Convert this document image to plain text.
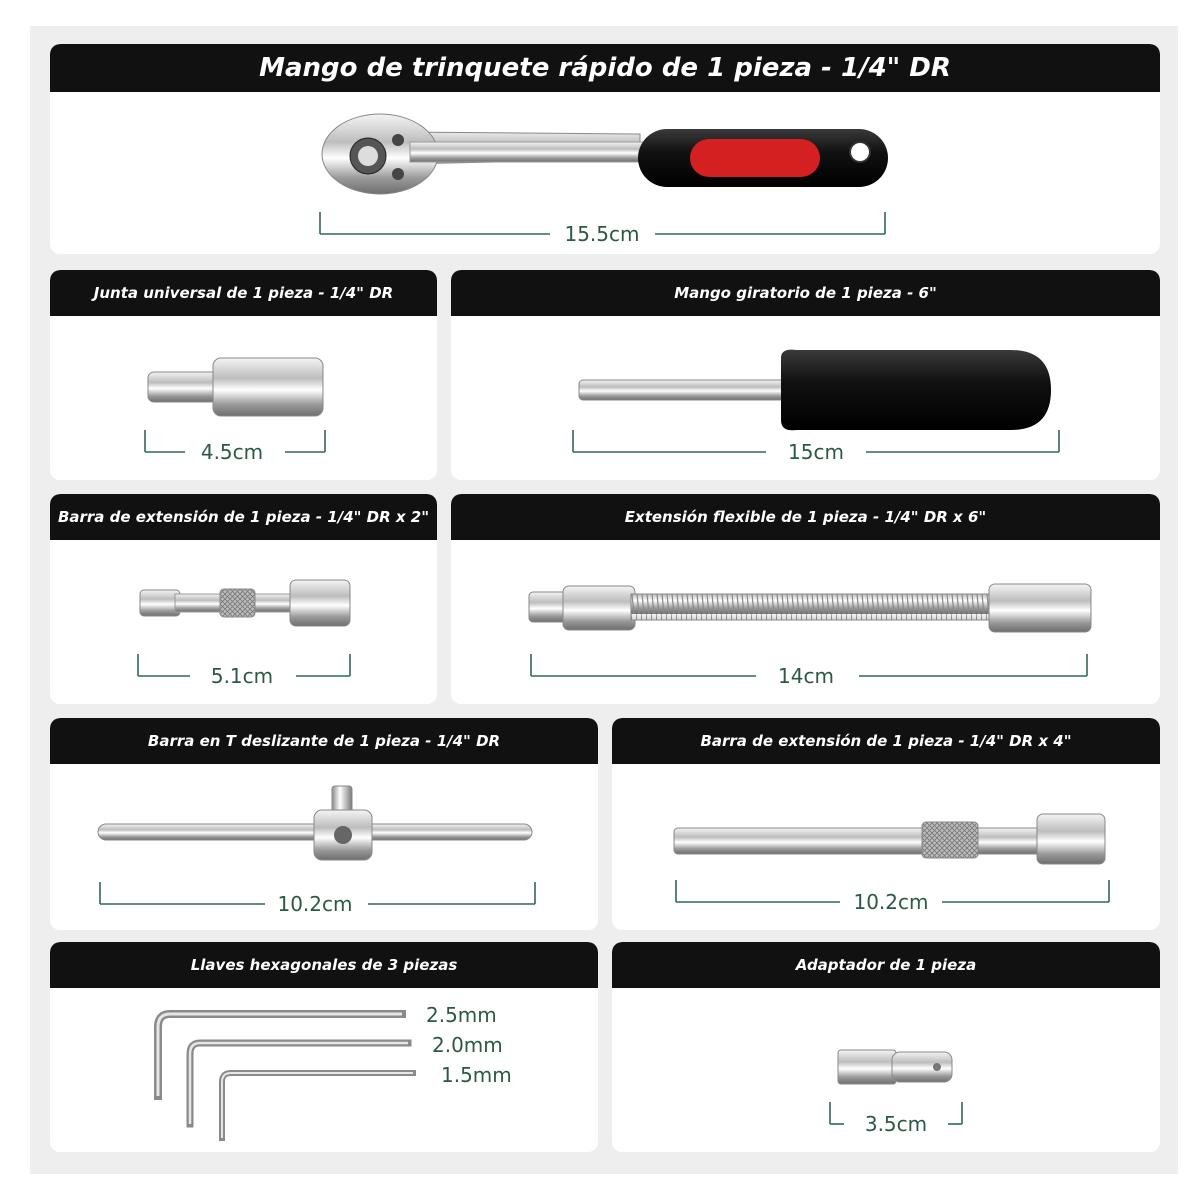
Mango de trinquete rápido de 1 pieza - 1/4" DR
15.5cm
Junta universal de 1 pieza - 1/4" DR
4.5cm
Mango giratorio de 1 pieza - 6"
15cm
Barra de extensión de 1 pieza - 1/4" DR x 2"
5.1cm
Extensión flexible de 1 pieza - 1/4" DR x 6"
14cm
Barra en T deslizante de 1 pieza - 1/4" DR
10.2cm
Barra de extensión de 1 pieza - 1/4" DR x 4"
10.2cm
Llaves hexagonales de 3 piezas
2.5mm
2.0mm
1.5mm
Adaptador de 1 pieza
3.5cm
